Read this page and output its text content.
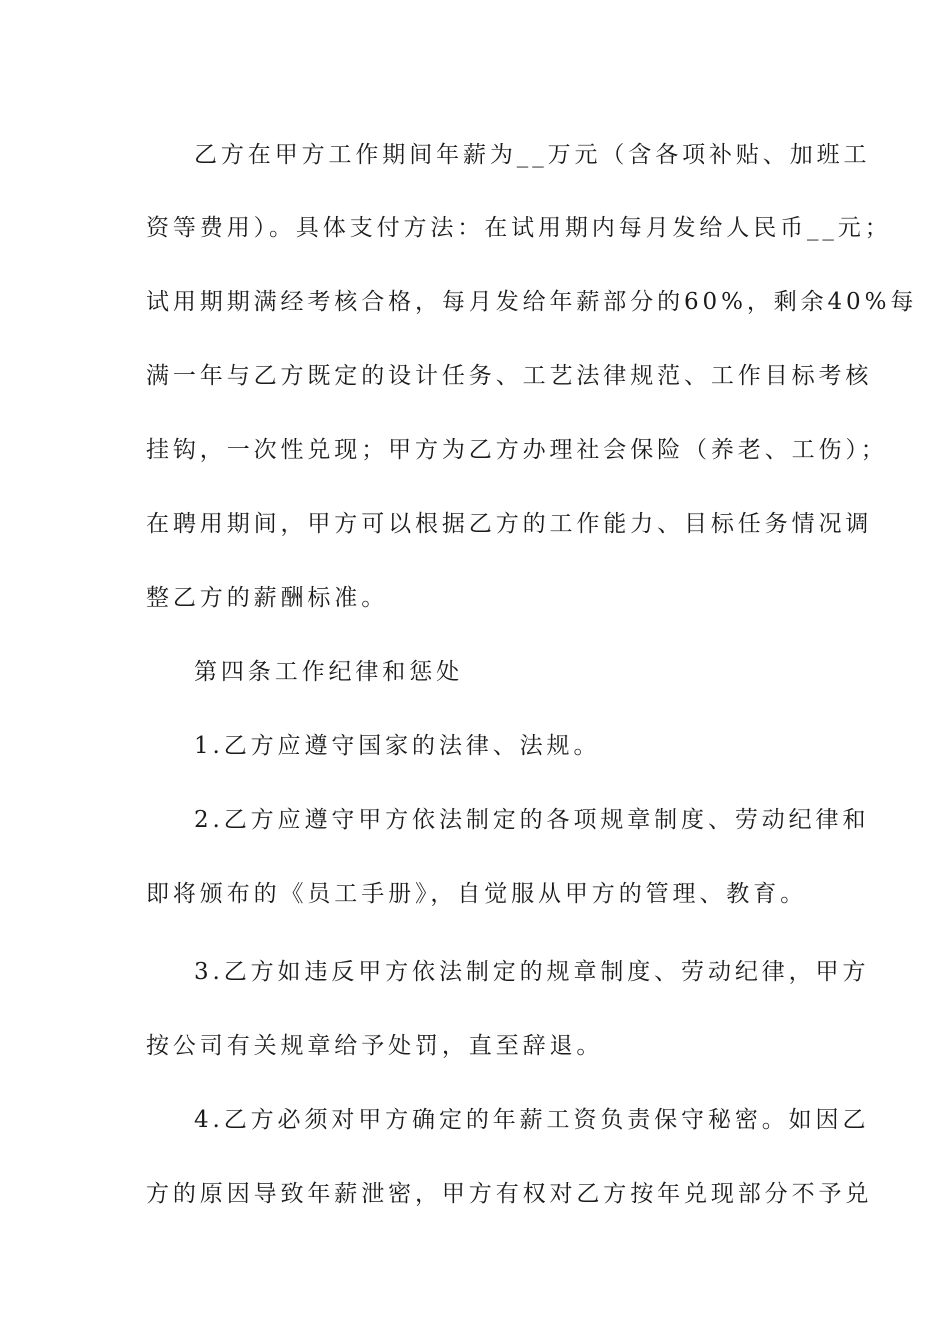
乙方在甲方工作期间年薪为__万元（含各项补贴、加班工
资等费用）。具体支付方法：在试用期内每月发给人民币__元；
试用期期满经考核合格，每月发给年薪部分的60%，剩余40%每
满一年与乙方既定的设计任务、工艺法律规范、工作目标考核
挂钩，一次性兑现；甲方为乙方办理社会保险（养老、工伤）；
在聘用期间，甲方可以根据乙方的工作能力、目标任务情况调
整乙方的薪酬标准。
第四条工作纪律和惩处
1.乙方应遵守国家的法律、法规。
2.乙方应遵守甲方依法制定的各项规章制度、劳动纪律和
即将颁布的《员工手册》，自觉服从甲方的管理、教育。
3.乙方如违反甲方依法制定的规章制度、劳动纪律，甲方
按公司有关规章给予处罚，直至辞退。
4.乙方必须对甲方确定的年薪工资负责保守秘密。如因乙
方的原因导致年薪泄密，甲方有权对乙方按年兑现部分不予兑
